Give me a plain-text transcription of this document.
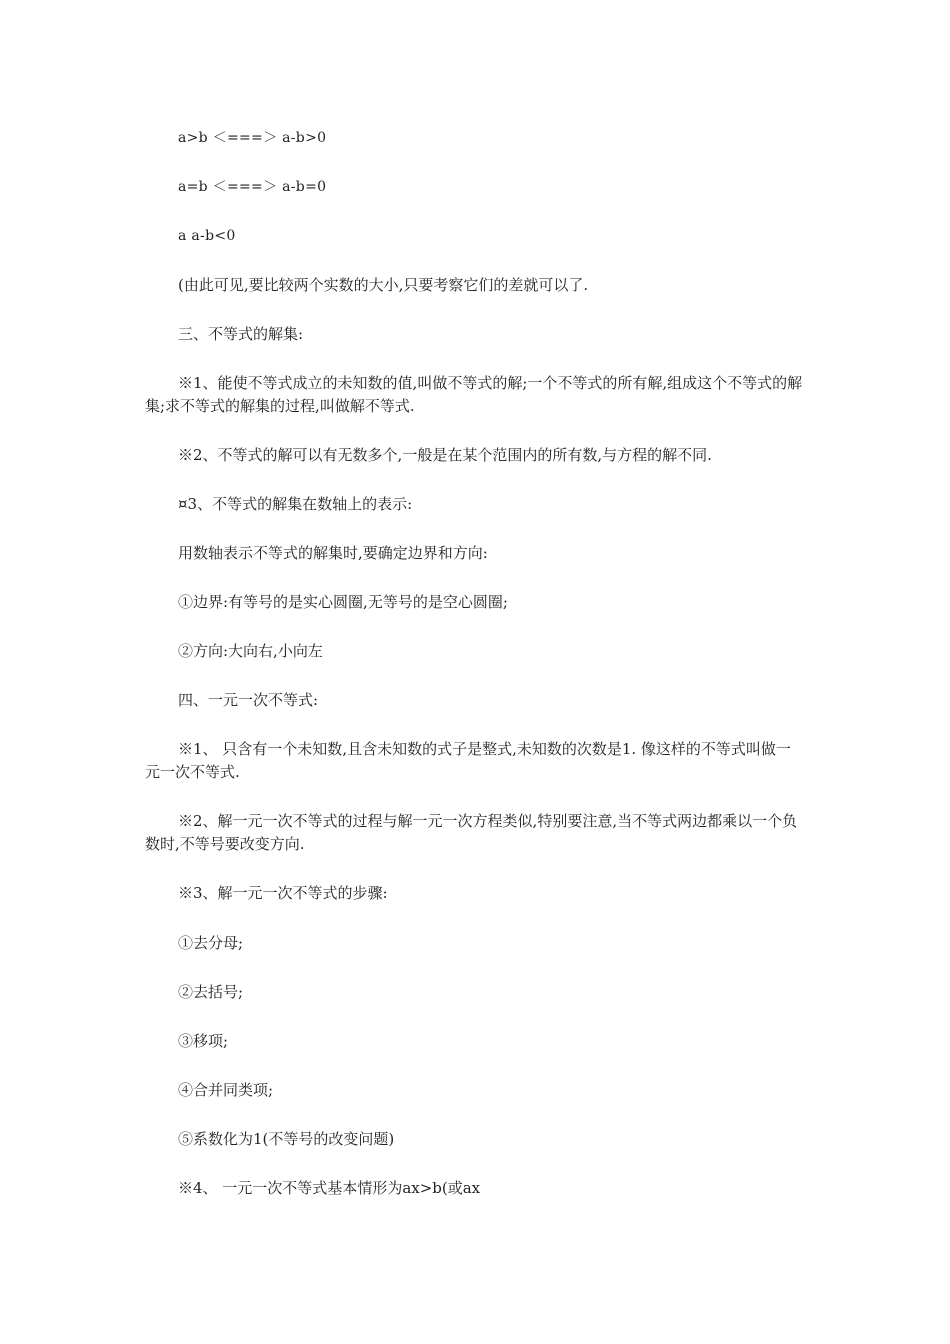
a>b ＜===＞ a-b>0

a=b ＜===＞ a-b=0

a a-b<0

(由此可见,要比较两个实数的大小,只要考察它们的差就可以了.

三、不等式的解集:

※1、能使不等式成立的未知数的值,叫做不等式的解;一个不等式的所有解,组成这个不等式的解集;求不等式的解集的过程,叫做解不等式.

※2、不等式的解可以有无数多个,一般是在某个范围内的所有数,与方程的解不同.

¤3、不等式的解集在数轴上的表示:

用数轴表示不等式的解集时,要确定边界和方向:

①边界:有等号的是实心圆圈,无等号的是空心圆圈;

②方向:大向右,小向左

四、一元一次不等式:

※1、 只含有一个未知数,且含未知数的式子是整式,未知数的次数是1. 像这样的不等式叫做一元一次不等式.

※2、解一元一次不等式的过程与解一元一次方程类似,特别要注意,当不等式两边都乘以一个负数时,不等号要改变方向.

※3、解一元一次不等式的步骤:

①去分母;

②去括号;

③移项;

④合并同类项;

⑤系数化为1(不等号的改变问题)

※4、 一元一次不等式基本情形为ax>b(或ax
